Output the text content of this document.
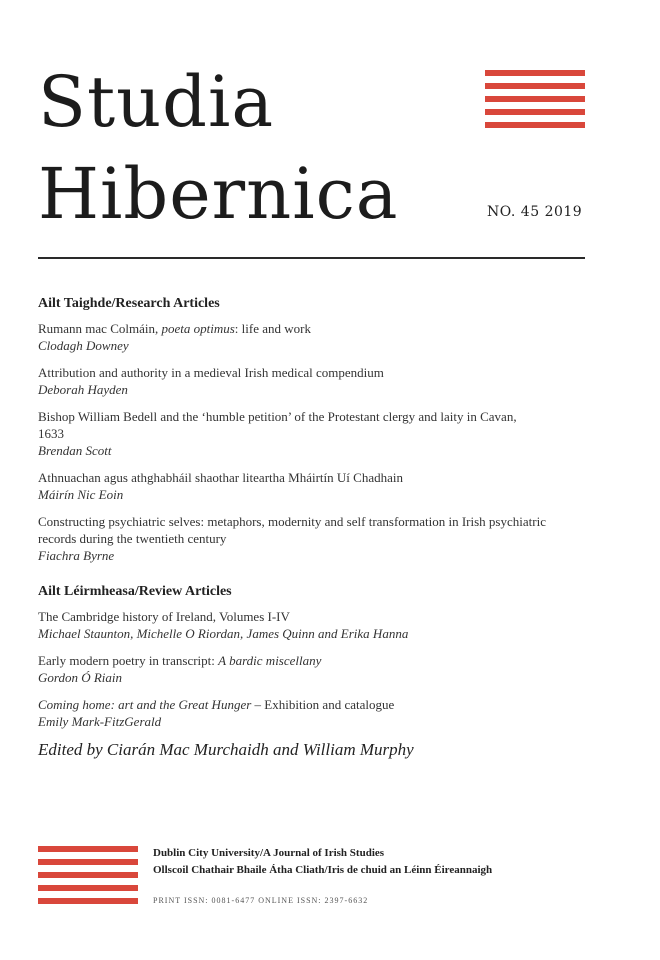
Studia
Hibernica	NO. 45 2019
Ailt Taighde/Research Articles
Rumann mac Colmáin, poeta optimus: life and work
Clodagh Downey
Attribution and authority in a medieval Irish medical compendium
Deborah Hayden
Bishop William Bedell and the ‘humble petition’ of the Protestant clergy and laity in Cavan, 1633
Brendan Scott
Athnuachan agus athghabháil shaothar liteartha Mháirtín Uí Chadhain
Máirín Nic Eoin
Constructing psychiatric selves: metaphors, modernity and self transformation in Irish psychiatric records during the twentieth century
Fiachra Byrne
Ailt Léirmheasa/Review Articles
The Cambridge history of Ireland, Volumes I-IV
Michael Staunton, Michelle O Riordan, James Quinn and Erika Hanna
Early modern poetry in transcript: A bardic miscellany
Gordon Ó Riain
Coming home: art and the Great Hunger – Exhibition and catalogue
Emily Mark-FitzGerald
Edited by Ciarán Mac Murchaidh and William Murphy
Dublin City University/A Journal of Irish Studies
Ollscoil Chathair Bhaile Átha Cliath/Iris de chuid an Léinn Éireannaigh
PRINT ISSN: 0081-6477 ONLINE ISSN: 2397-6632
